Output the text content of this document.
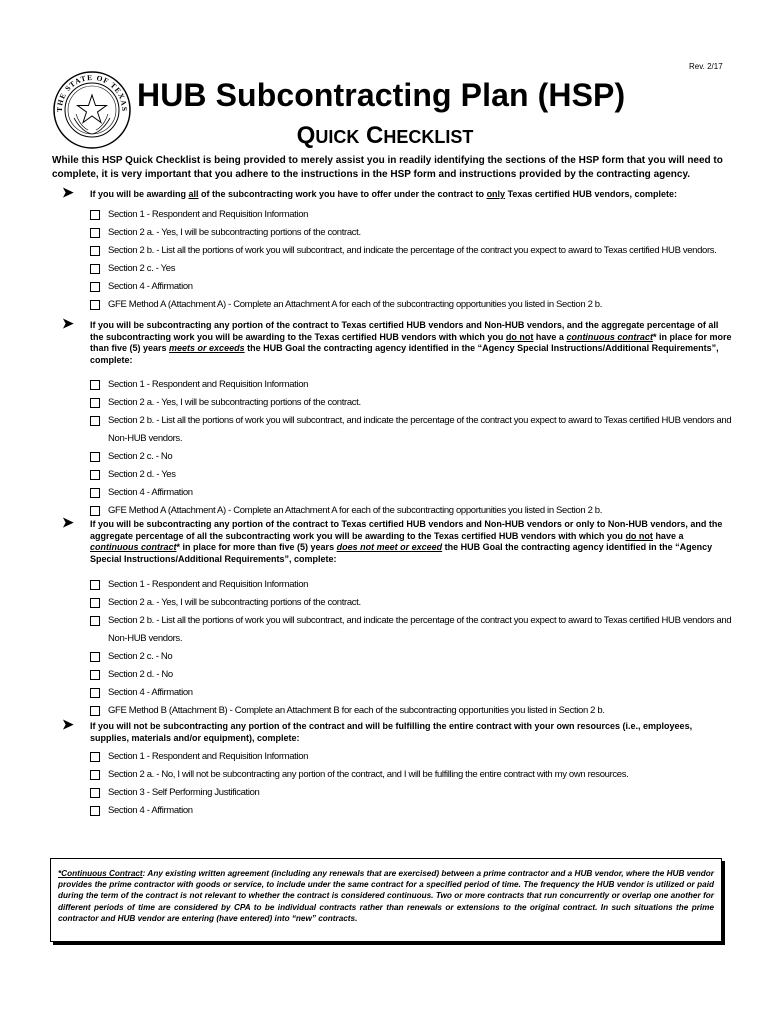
Rev. 2/17
THE STATE OF TEXAS HUB Subcontracting Plan (HSP)
QUICK CHECKLIST
While this HSP Quick Checklist is being provided to merely assist you in readily identifying the sections of the HSP form that you will need to complete, it is very important that you adhere to the instructions in the HSP form and instructions provided by the contracting agency.
➤ If you will be awarding all of the subcontracting work you have to offer under the contract to only Texas certified HUB vendors, complete:
Section 1 - Respondent and Requisition Information
Section 2 a. - Yes, I will be subcontracting portions of the contract.
Section 2 b. - List all the portions of work you will subcontract, and indicate the percentage of the contract you expect to award to Texas certified HUB vendors.
Section 2 c. - Yes
Section 4 - Affirmation
GFE Method A (Attachment A) - Complete an Attachment A for each of the subcontracting opportunities you listed in Section 2 b.
➤ If you will be subcontracting any portion of the contract to Texas certified HUB vendors and Non-HUB vendors, and the aggregate percentage of all the subcontracting work you will be awarding to the Texas certified HUB vendors with which you do not have a continuous contract* in place for more than five (5) years meets or exceeds the HUB Goal the contracting agency identified in the “Agency Special Instructions/Additional Requirements”, complete:
Section 1 - Respondent and Requisition Information
Section 2 a. - Yes, I will be subcontracting portions of the contract.
Section 2 b. - List all the portions of work you will subcontract, and indicate the percentage of the contract you expect to award to Texas certified HUB vendors and Non-HUB vendors.
Section 2 c. - No
Section 2 d. - Yes
Section 4 - Affirmation
GFE Method A (Attachment A) - Complete an Attachment A for each of the subcontracting opportunities you listed in Section 2 b.
➤ If you will be subcontracting any portion of the contract to Texas certified HUB vendors and Non-HUB vendors or only to Non-HUB vendors, and the aggregate percentage of all the subcontracting work you will be awarding to the Texas certified HUB vendors with which you do not have a continuous contract* in place for more than five (5) years does not meet or exceed the HUB Goal the contracting agency identified in the “Agency Special Instructions/Additional Requirements”, complete:
Section 1 - Respondent and Requisition Information
Section 2 a. - Yes, I will be subcontracting portions of the contract.
Section 2 b. - List all the portions of work you will subcontract, and indicate the percentage of the contract you expect to award to Texas certified HUB vendors and Non-HUB vendors.
Section 2 c. - No
Section 2 d. - No
Section 4 - Affirmation
GFE Method B (Attachment B) - Complete an Attachment B for each of the subcontracting opportunities you listed in Section 2 b.
➤ If you will not be subcontracting any portion of the contract and will be fulfilling the entire contract with your own resources (i.e., employees, supplies, materials and/or equipment), complete:
Section 1 - Respondent and Requisition Information
Section 2 a. - No, I will not be subcontracting any portion of the contract, and I will be fulfilling the entire contract with my own resources.
Section 3 - Self Performing Justification
Section 4 - Affirmation
*Continuous Contract: Any existing written agreement (including any renewals that are exercised) between a prime contractor and a HUB vendor, where the HUB vendor provides the prime contractor with goods or service, to include under the same contract for a specified period of time. The frequency the HUB vendor is utilized or paid during the term of the contract is not relevant to whether the contract is considered continuous. Two or more contracts that run concurrently or overlap one another for different periods of time are considered by CPA to be individual contracts rather than renewals or extensions to the original contract. In such situations the prime contractor and HUB vendor are entering (have entered) into “new” contracts.
